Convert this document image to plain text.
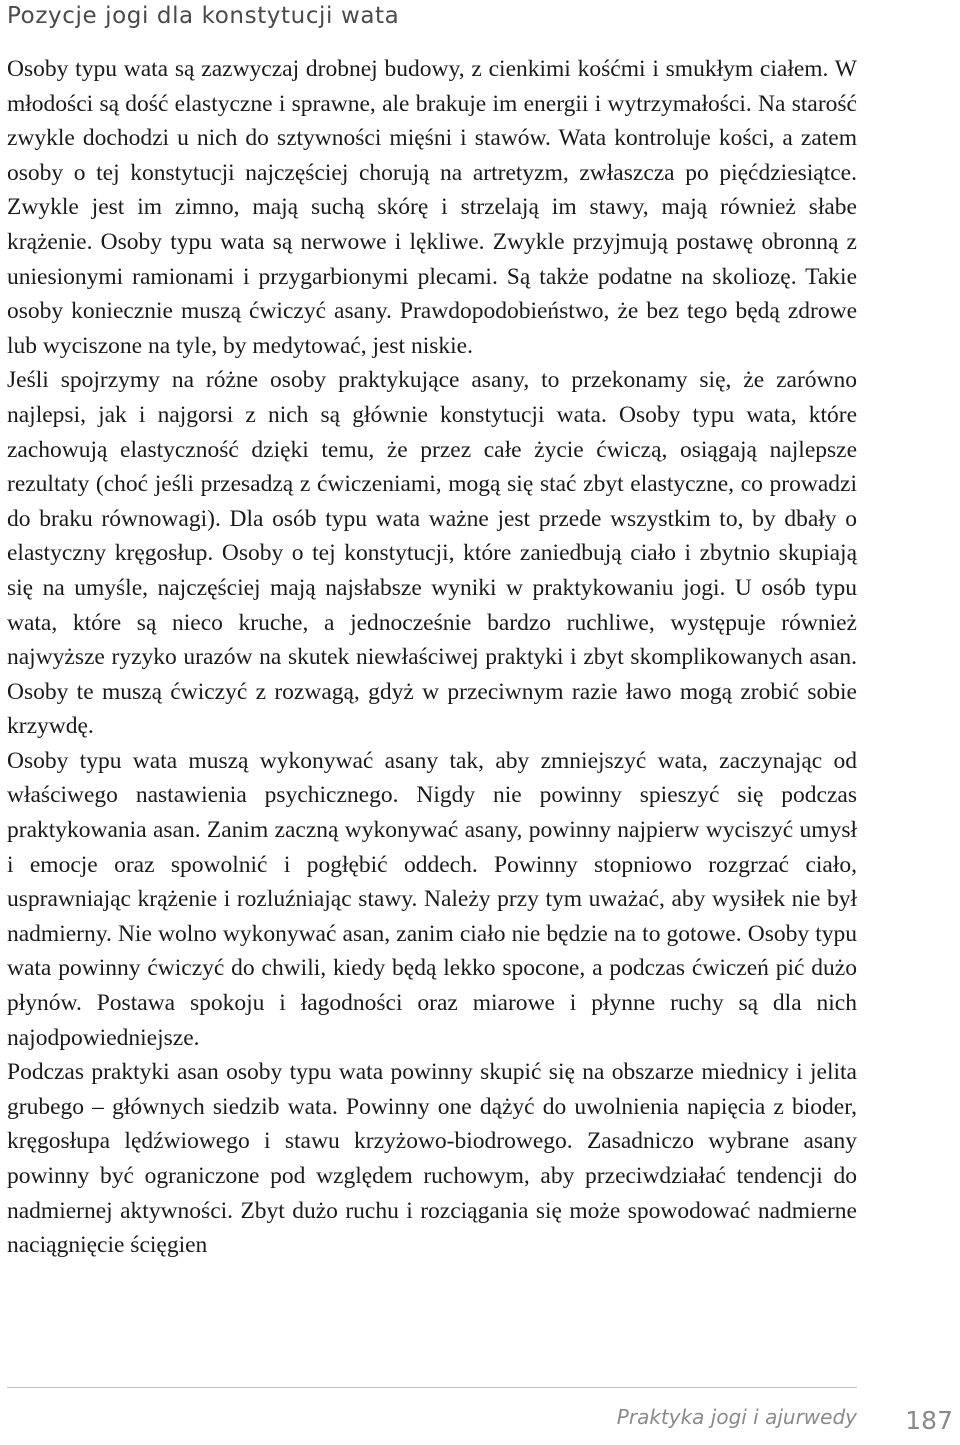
Pozycje jogi dla konstytucji wata

Osoby typu wata są zazwyczaj drobnej budowy, z cienkimi kośćmi i smukłym ciałem. W młodości są dość elastyczne i sprawne, ale brakuje im energii i wytrzymałości. Na starość zwykle dochodzi u nich do sztywności mięśni i stawów. Wata kontroluje kości, a zatem osoby o tej konstytucji najczęściej chorują na artretyzm, zwłaszcza po pięćdziesiątce. Zwykle jest im zimno, mają suchą skórę i strzelają im stawy, mają również słabe krążenie. Osoby typu wata są nerwowe i lękliwe. Zwykle przyjmują postawę obronną z uniesionymi ramionami i przygarbionymi plecami. Są także podatne na skoliozę. Takie osoby koniecznie muszą ćwiczyć asany. Prawdopodobieństwo, że bez tego będą zdrowe lub wyciszone na tyle, by medytować, jest niskie.

Jeśli spojrzymy na różne osoby praktykujące asany, to przekonamy się, że zarówno najlepsi, jak i najgorsi z nich są głównie konstytucji wata. Osoby typu wata, które zachowują elastyczność dzięki temu, że przez całe życie ćwiczą, osiągają najlepsze rezultaty (choć jeśli przesadzą z ćwiczeniami, mogą się stać zbyt elastyczne, co prowadzi do braku równowagi). Dla osób typu wata ważne jest przede wszystkim to, by dbały o elastyczny kręgosłup. Osoby o tej konstytucji, które zaniedbują ciało i zbytnio skupiają się na umyśle, najczęściej mają najsłabsze wyniki w praktykowaniu jogi. U osób typu wata, które są nieco kruche, a jednocześnie bardzo ruchliwe, występuje również najwyższe ryzyko urazów na skutek niewłaściwej praktyki i zbyt skomplikowanych asan. Osoby te muszą ćwiczyć z rozwagą, gdyż w przeciwnym razie ławo mogą zrobić sobie krzywdę.

Osoby typu wata muszą wykonywać asany tak, aby zmniejszyć wata, zaczynając od właściwego nastawienia psychicznego. Nigdy nie powinny spieszyć się podczas praktykowania asan. Zanim zaczną wykonywać asany, powinny najpierw wyciszyć umysł i emocje oraz spowolnić i pogłębić oddech. Powinny stopniowo rozgrzać ciało, usprawniając krążenie i rozluźniając stawy. Należy przy tym uważać, aby wysiłek nie był nadmierny. Nie wolno wykonywać asan, zanim ciało nie będzie na to gotowe. Osoby typu wata powinny ćwiczyć do chwili, kiedy będą lekko spocone, a podczas ćwiczeń pić dużo płynów. Postawa spokoju i łagodności oraz miarowe i płynne ruchy są dla nich najodpowiedniejsze.

Podczas praktyki asan osoby typu wata powinny skupić się na obszarze miednicy i jelita grubego – głównych siedzib wata. Powinny one dążyć do uwolnienia napięcia z bioder, kręgosłupa lędźwiowego i stawu krzyżowo-biodrowego. Zasadniczo wybrane asany powinny być ograniczone pod względem ruchowym, aby przeciwdziałać tendencji do nadmiernej aktywności. Zbyt dużo ruchu i rozciągania się może spowodować nadmierne naciągnięcie ścięgien

Praktyka jogi i ajurwedy 187
